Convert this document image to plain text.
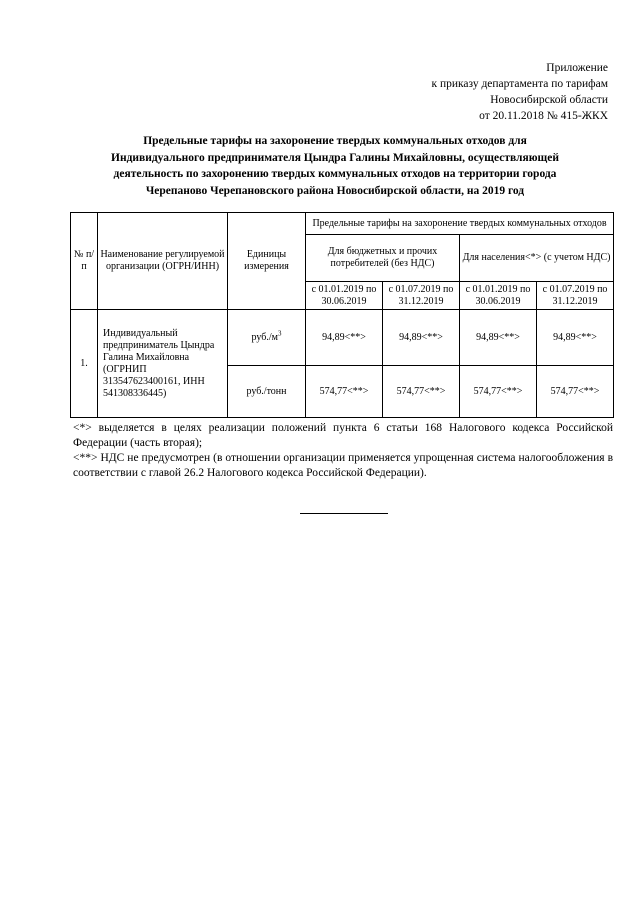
Приложение
к приказу департамента по тарифам
Новосибирской области
от 20.11.2018 № 415-ЖКХ
Предельные тарифы на захоронение твердых коммунальных отходов для
Индивидуального предпринимателя Цындра Галины Михайловны, осуществляющей
деятельность по захоронению твердых коммунальных отходов на территории города
Черепаново Черепановского района Новосибирской области, на 2019 год
№ п/п	Наименование регулируемой организации (ОГРН/ИНН)	Единицы измерения	Предельные тарифы на захоронение твердых коммунальных отходов			
			Для бюджетных и прочих потребителей (без НДС)		Для населения<*> (с учетом НДС)	
			с 01.01.2019 по 30.06.2019	с 01.07.2019 по 31.12.2019	с 01.01.2019 по 30.06.2019	с 01.07.2019 по 31.12.2019
1.	Индивидуальный предприниматель Цындра Галина Михайловна (ОГРНИП 313547623400161, ИНН 541308336445)	$руб./м^3$	94,89<**>	94,89<**>	94,89<**>	94,89<**>
		руб./тонн	574,77<**>	574,77<**>	574,77<**>	574,77<**>

<*> выделяется в целях реализации положений пункта 6 статьи 168 Налогового кодекса Российской Федерации (часть вторая);

<**> НДС не предусмотрен (в отношении организации применяется упрощенная система налогообложения в соответствии с главой 26.2 Налогового кодекса Российской Федерации).
